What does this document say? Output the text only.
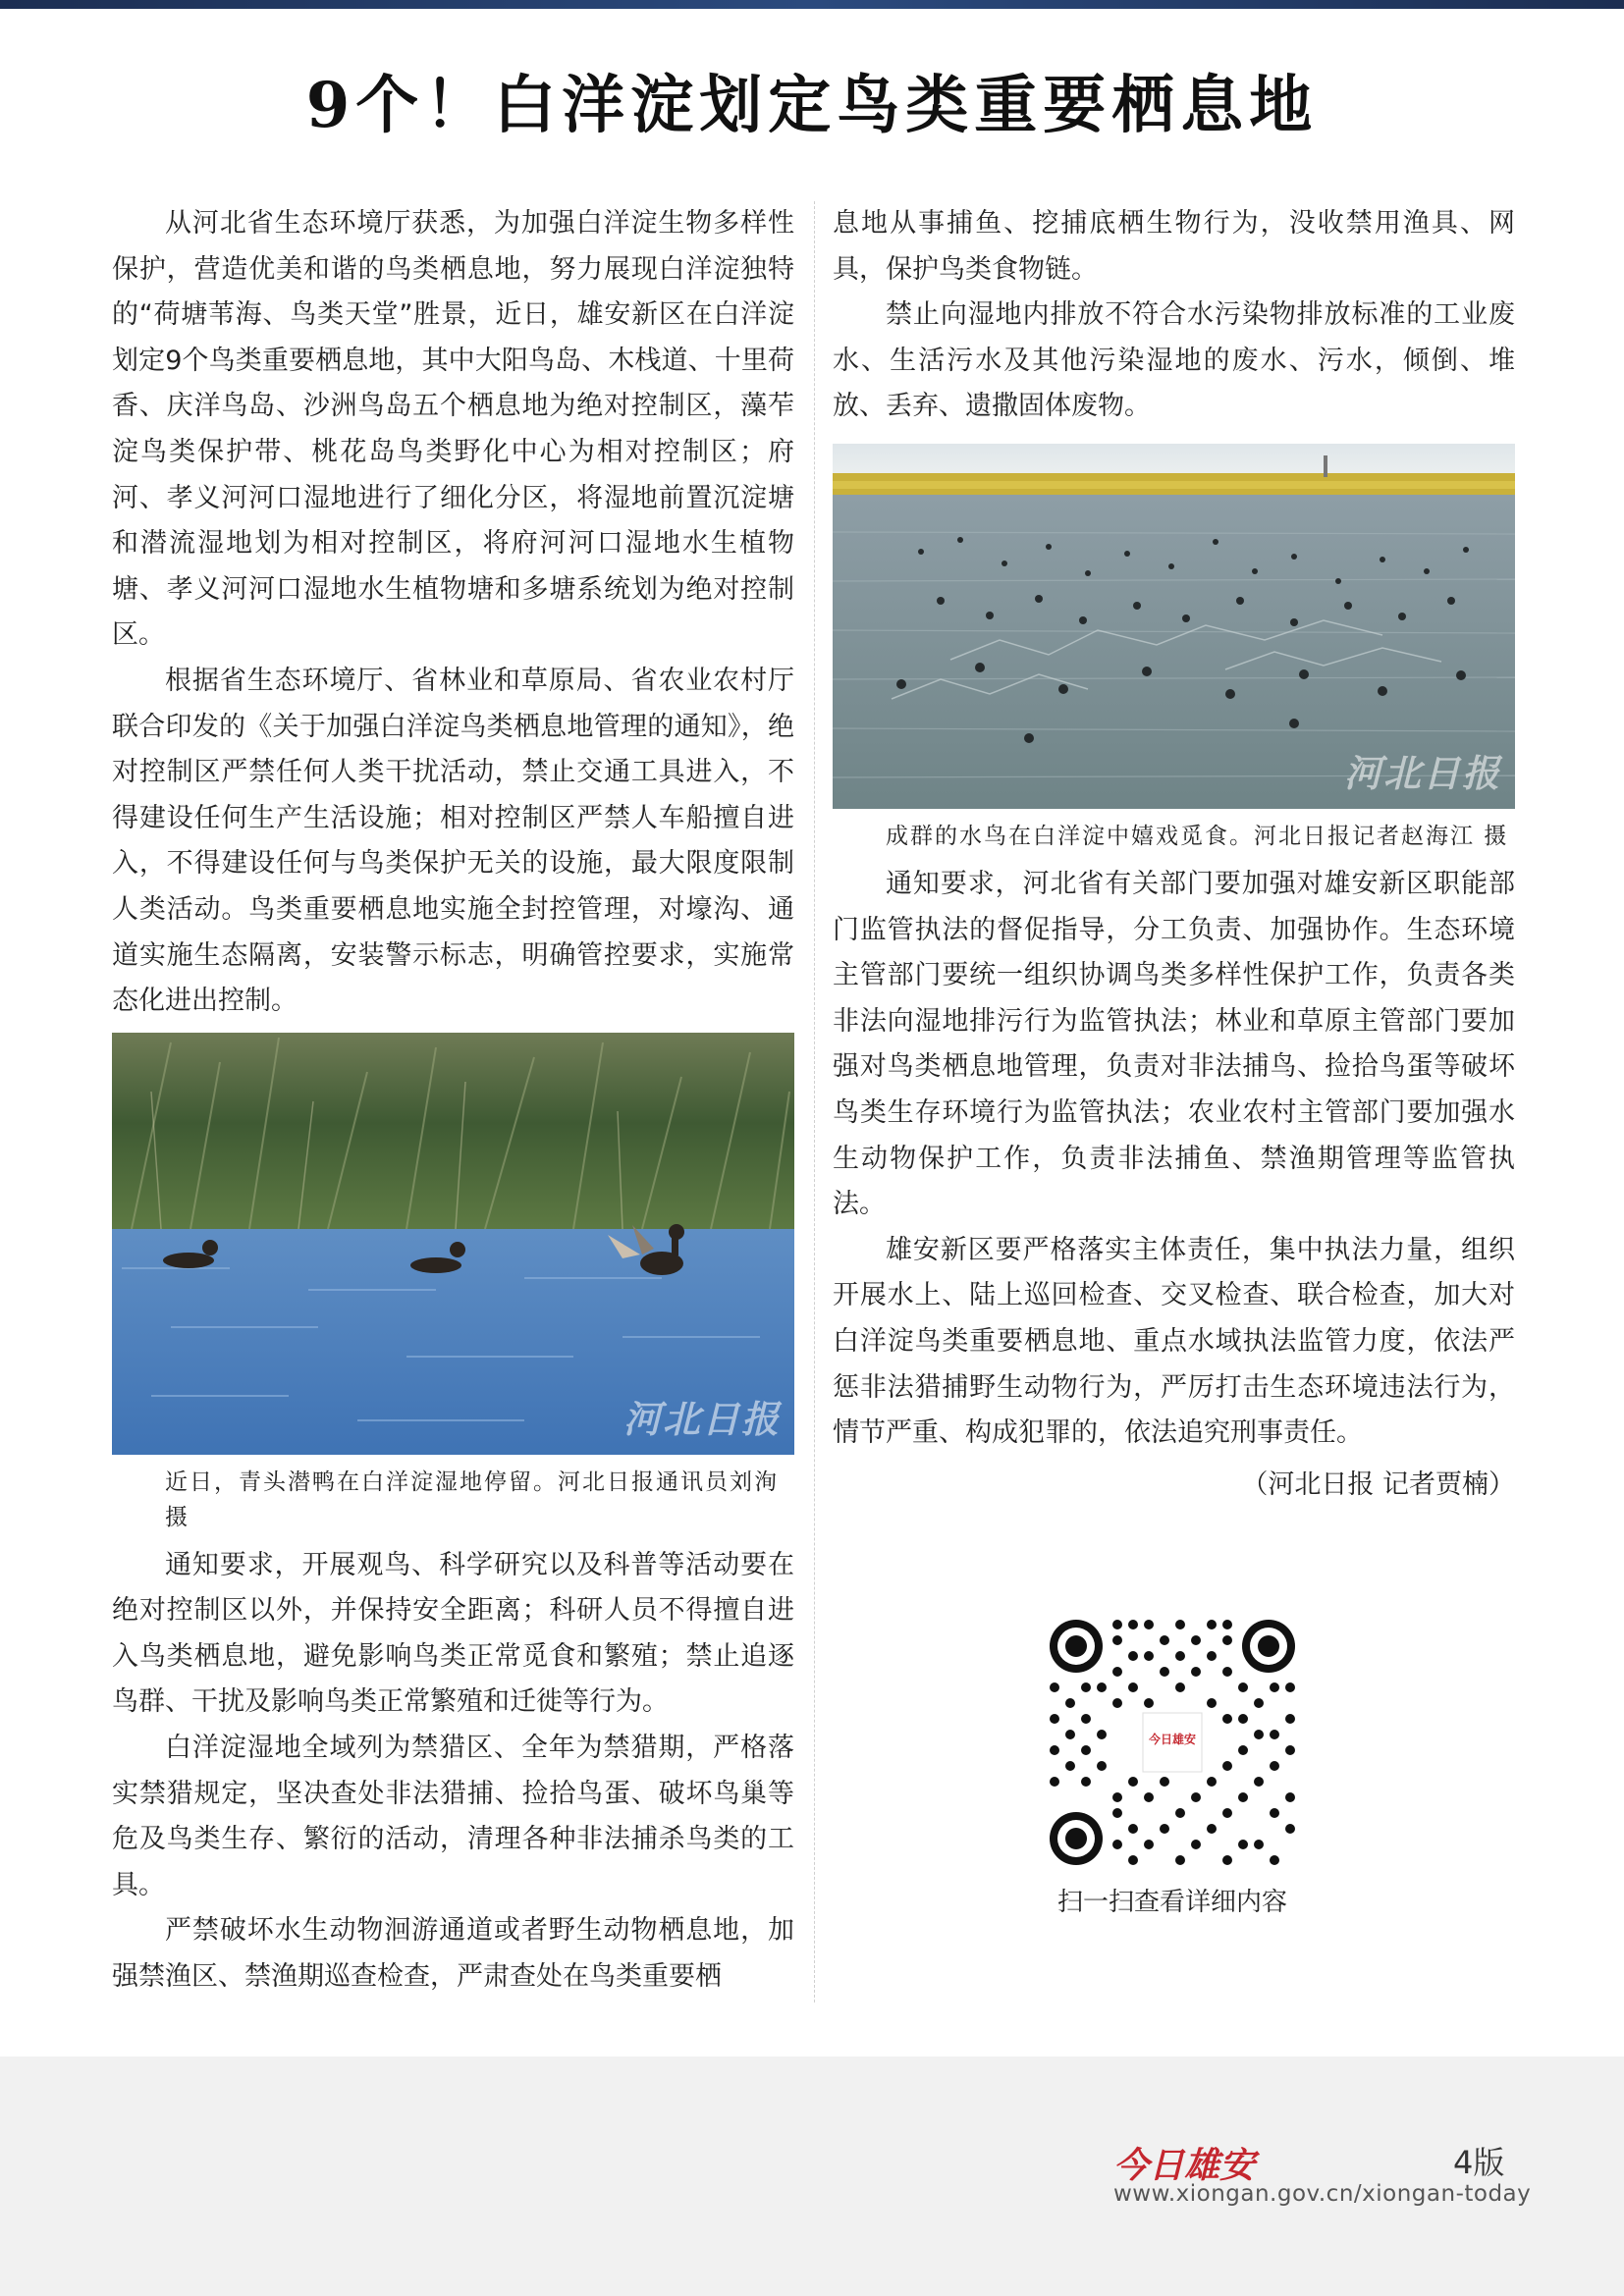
9个！白洋淀划定鸟类重要栖息地

从河北省生态环境厅获悉，为加强白洋淀生物多样性保护，营造优美和谐的鸟类栖息地，努力展现白洋淀独特的“荷塘苇海、鸟类天堂”胜景，近日，雄安新区在白洋淀划定9个鸟类重要栖息地，其中大阳鸟岛、木栈道、十里荷香、庆洋鸟岛、沙洲鸟岛五个栖息地为绝对控制区，藻苲淀鸟类保护带、桃花岛鸟类野化中心为相对控制区；府河、孝义河河口湿地进行了细化分区，将湿地前置沉淀塘和潜流湿地划为相对控制区，将府河河口湿地水生植物塘、孝义河河口湿地水生植物塘和多塘系统划为绝对控制区。

根据省生态环境厅、省林业和草原局、省农业农村厅联合印发的《关于加强白洋淀鸟类栖息地管理的通知》，绝对控制区严禁任何人类干扰活动，禁止交通工具进入，不得建设任何生产生活设施；相对控制区严禁人车船擅自进入，不得建设任何与鸟类保护无关的设施，最大限度限制人类活动。鸟类重要栖息地实施全封控管理，对壕沟、通道实施生态隔离，安装警示标志，明确管控要求，实施常态化进出控制。

河北日报

近日，青头潜鸭在白洋淀湿地停留。河北日报通讯员刘洵 摄

通知要求，开展观鸟、科学研究以及科普等活动要在绝对控制区以外，并保持安全距离；科研人员不得擅自进入鸟类栖息地，避免影响鸟类正常觅食和繁殖；禁止追逐鸟群、干扰及影响鸟类正常繁殖和迁徙等行为。

白洋淀湿地全域列为禁猎区、全年为禁猎期，严格落实禁猎规定，坚决查处非法猎捕、捡拾鸟蛋、破坏鸟巢等危及鸟类生存、繁衍的活动，清理各种非法捕杀鸟类的工具。

严禁破坏水生动物洄游通道或者野生动物栖息地，加强禁渔区、禁渔期巡查检查，严肃查处在鸟类重要栖

息地从事捕鱼、挖捕底栖生物行为，没收禁用渔具、网具，保护鸟类食物链。

禁止向湿地内排放不符合水污染物排放标准的工业废水、生活污水及其他污染湿地的废水、污水，倾倒、堆放、丢弃、遗撒固体废物。

河北日报

成群的水鸟在白洋淀中嬉戏觅食。河北日报记者赵海江 摄

通知要求，河北省有关部门要加强对雄安新区职能部门监管执法的督促指导，分工负责、加强协作。生态环境主管部门要统一组织协调鸟类多样性保护工作，负责各类非法向湿地排污行为监管执法；林业和草原主管部门要加强对鸟类栖息地管理，负责对非法捕鸟、捡拾鸟蛋等破坏鸟类生存环境行为监管执法；农业农村主管部门要加强水生动物保护工作，负责非法捕鱼、禁渔期管理等监管执法。

雄安新区要严格落实主体责任，集中执法力量，组织开展水上、陆上巡回检查、交叉检查、联合检查，加大对白洋淀鸟类重要栖息地、重点水域执法监管力度，依法严惩非法猎捕野生动物行为，严厉打击生态环境违法行为，情节严重、构成犯罪的，依法追究刑事责任。

（河北日报 记者贾楠）

今日雄安
扫一扫查看详细内容
今日雄安	4版
www.xiongan.gov.cn/xiongan-today
